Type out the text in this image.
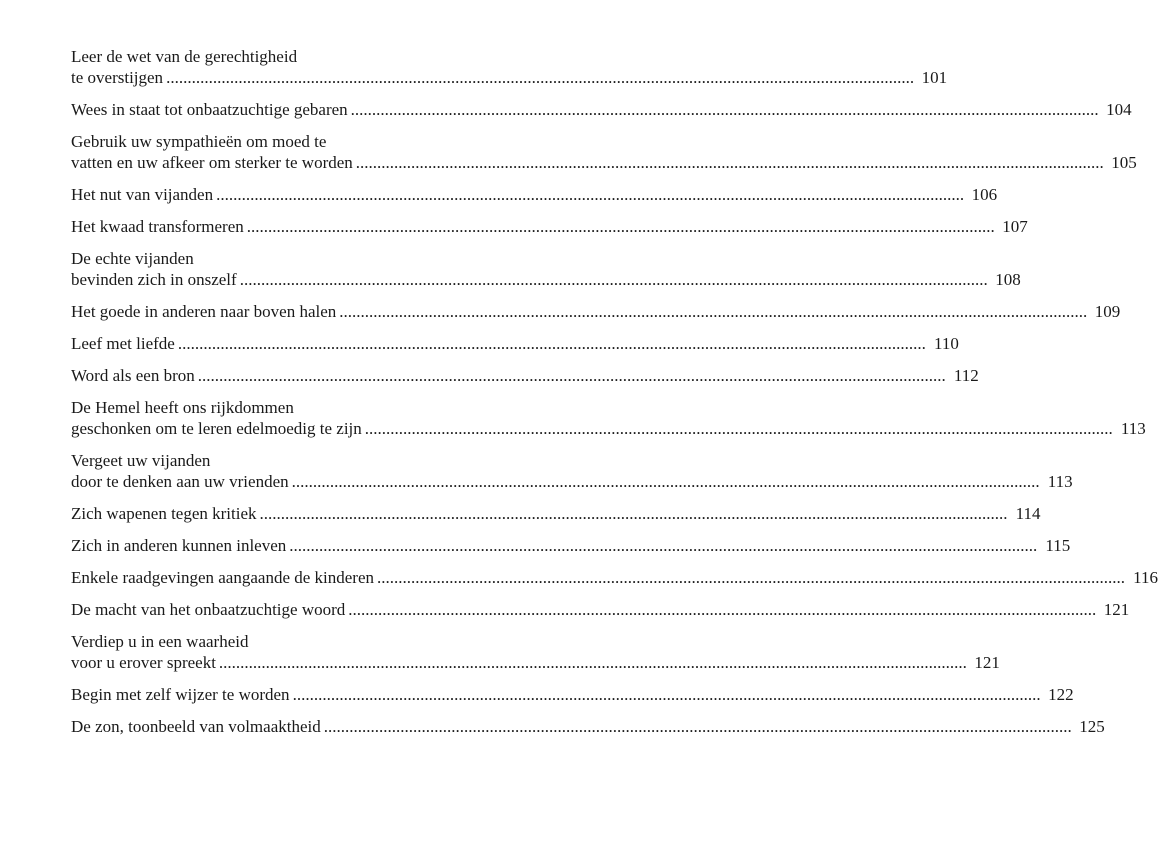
Leer de wet van de gerechtigheid
te overstijgen ................................................................................................................................................................................ 101
Wees in staat tot onbaatzuchtige gebaren ................................................................................................................................................................................ 104
Gebruik uw sympathieën om moed te
vatten en uw afkeer om sterker te worden ................................................................................................................................................................................ 105
Het nut van vijanden ................................................................................................................................................................................ 106
Het kwaad transformeren ................................................................................................................................................................................ 107
De echte vijanden
bevinden zich in onszelf ................................................................................................................................................................................ 108
Het goede in anderen naar boven halen ................................................................................................................................................................................ 109
Leef met liefde ................................................................................................................................................................................ 110
Word als een bron ................................................................................................................................................................................ 112
De Hemel heeft ons rijkdommen
geschonken om te leren edelmoedig te zijn ................................................................................................................................................................................ 113
Vergeet uw vijanden
door te denken aan uw vrienden ................................................................................................................................................................................ 113
Zich wapenen tegen kritiek ................................................................................................................................................................................ 114
Zich in anderen kunnen inleven ................................................................................................................................................................................ 115
Enkele raadgevingen aangaande de kinderen ................................................................................................................................................................................ 116
De macht van het onbaatzuchtige woord ................................................................................................................................................................................ 121
Verdiep u in een waarheid
voor u erover spreekt ................................................................................................................................................................................ 121
Begin met zelf wijzer te worden ................................................................................................................................................................................ 122
De zon, toonbeeld van volmaaktheid ................................................................................................................................................................................ 125
